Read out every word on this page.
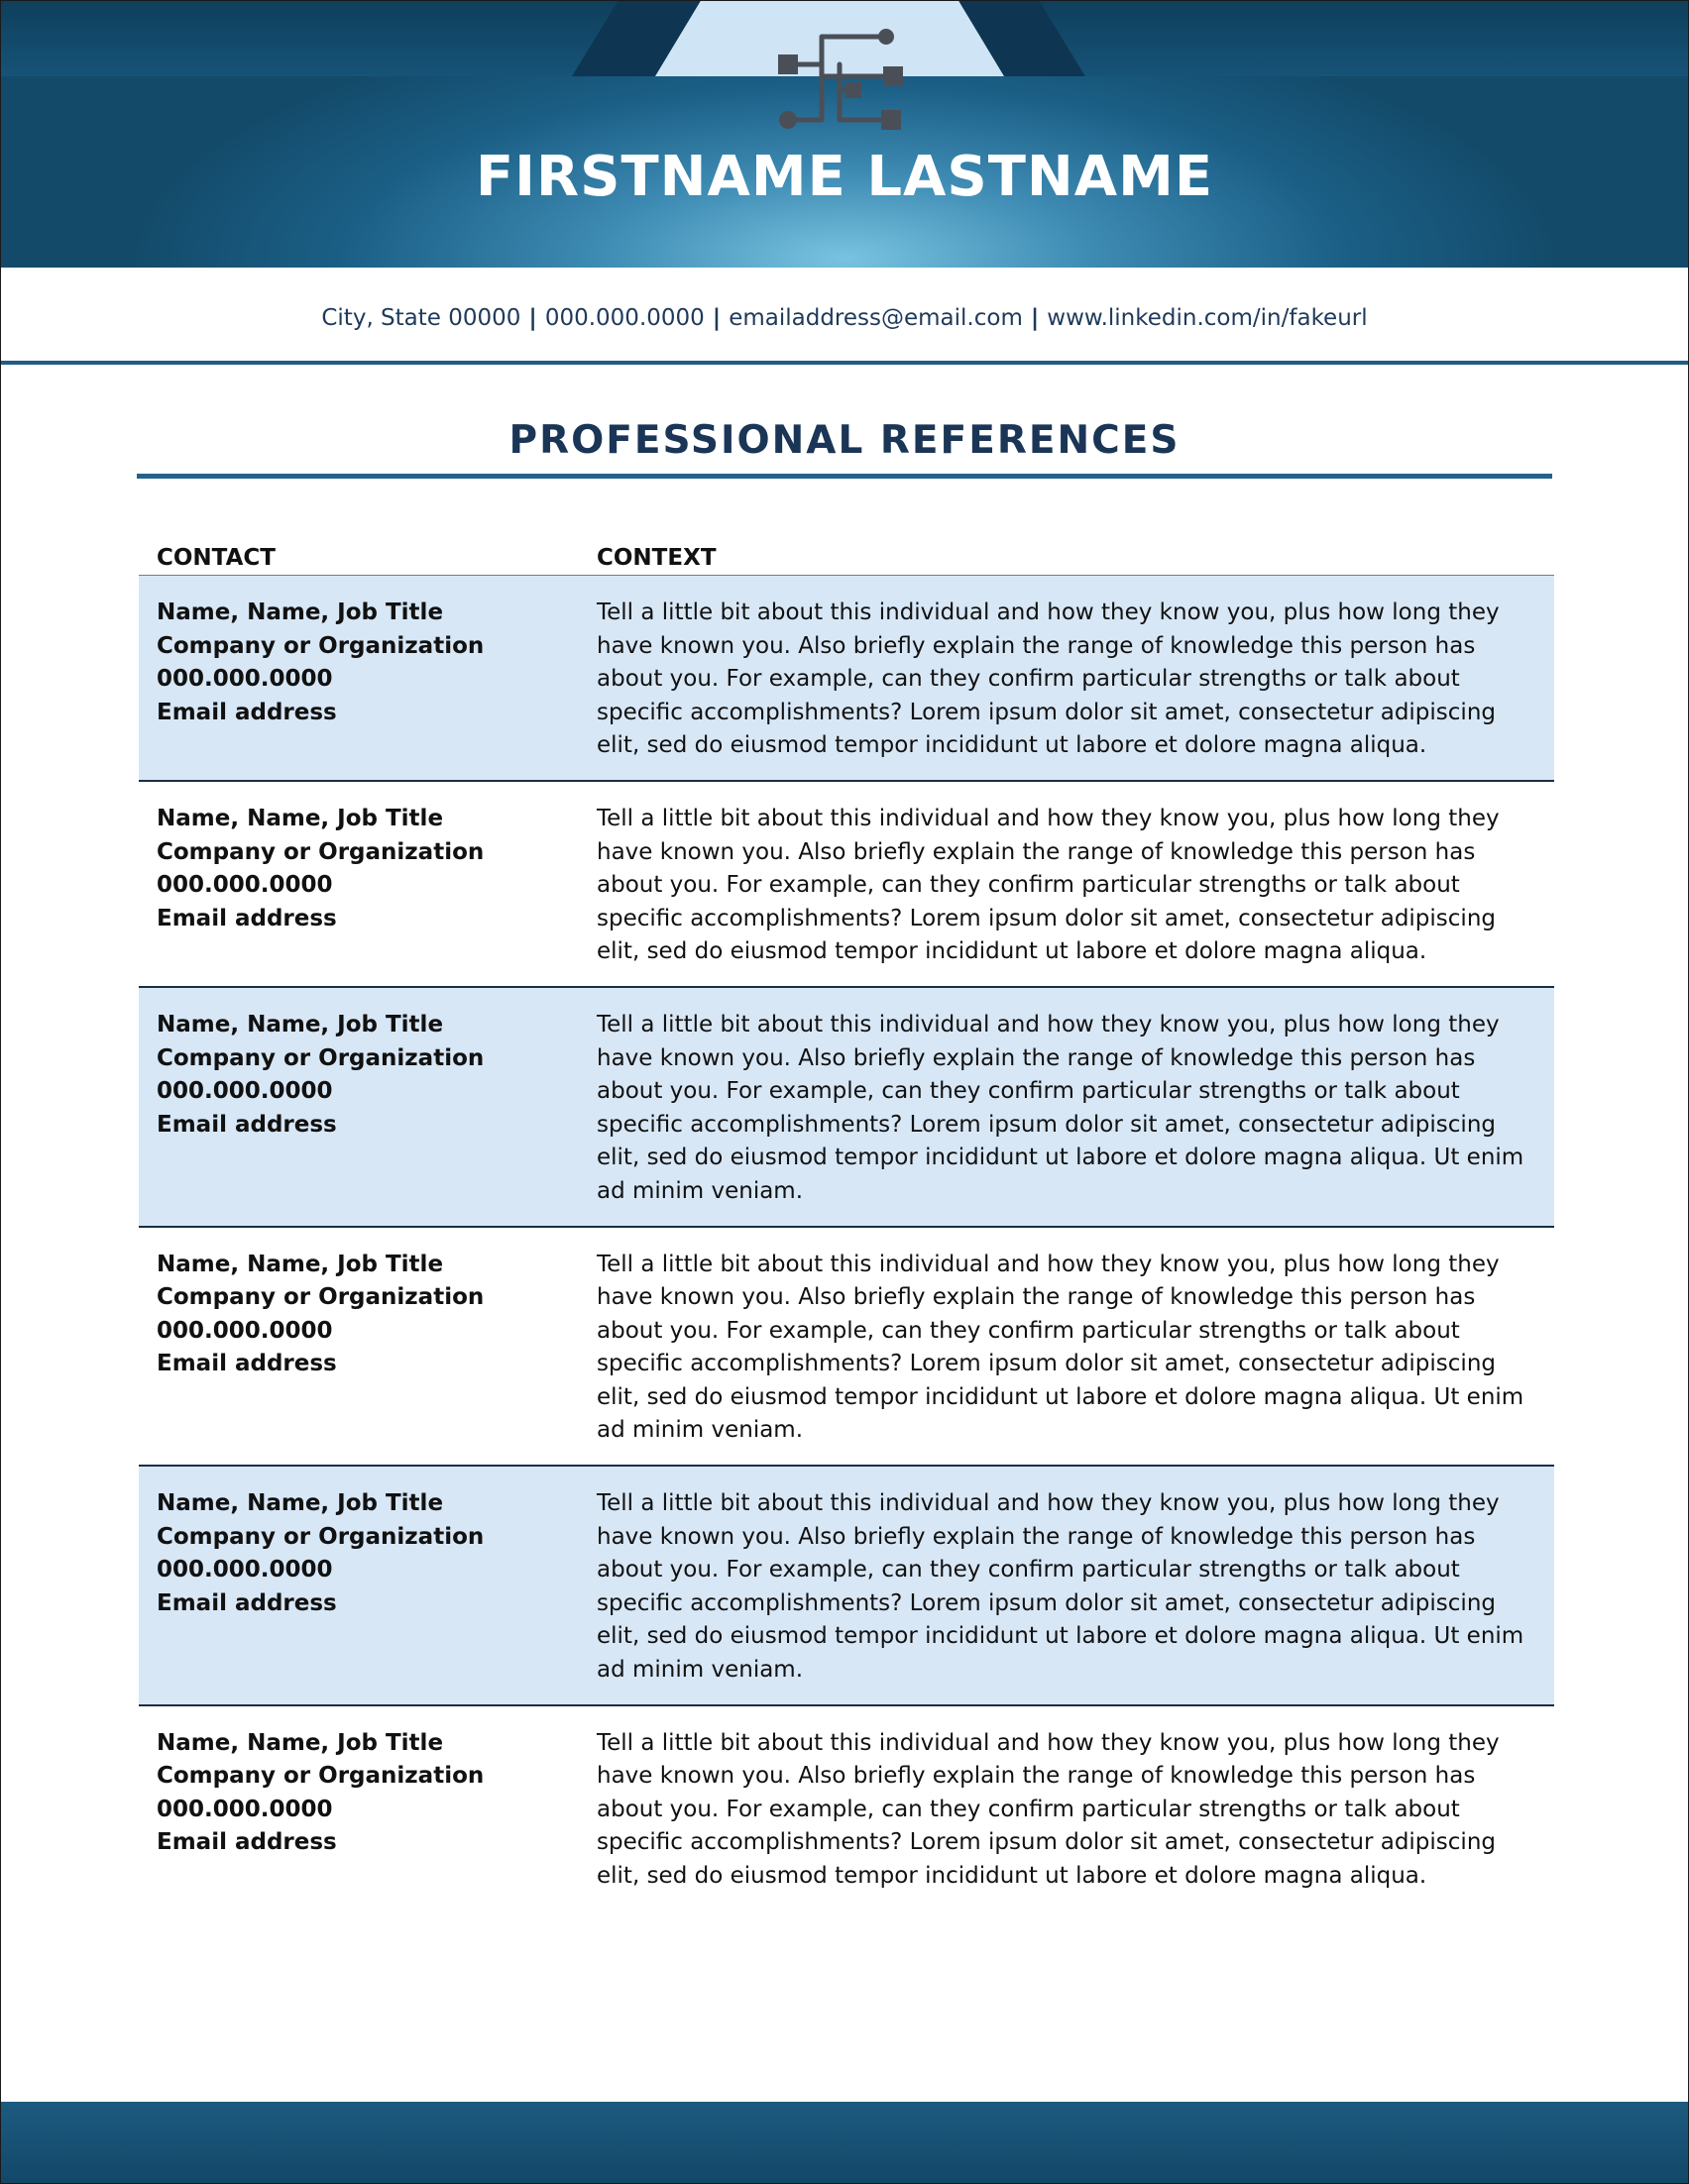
FIRSTNAME LASTNAME
City, State 00000 | 000.000.0000 | emailaddress@email.com | www.linkedin.com/in/fakeurl
PROFESSIONAL REFERENCES
CONTACT	CONTEXT
Name, Name, Job Title
Company or Organization
000.000.0000
Email address
Tell a little bit about this individual and how they know you, plus how long they have known you. Also briefly explain the range of knowledge this person has about you. For example, can they confirm particular strengths or talk about specific accomplishments? Lorem ipsum dolor sit amet, consectetur adipiscing elit, sed do eiusmod tempor incididunt ut labore et dolore magna aliqua.
Name, Name, Job Title
Company or Organization
000.000.0000
Email address
Tell a little bit about this individual and how they know you, plus how long they have known you. Also briefly explain the range of knowledge this person has about you. For example, can they confirm particular strengths or talk about specific accomplishments? Lorem ipsum dolor sit amet, consectetur adipiscing elit, sed do eiusmod tempor incididunt ut labore et dolore magna aliqua.
Name, Name, Job Title
Company or Organization
000.000.0000
Email address
Tell a little bit about this individual and how they know you, plus how long they have known you. Also briefly explain the range of knowledge this person has about you. For example, can they confirm particular strengths or talk about specific accomplishments? Lorem ipsum dolor sit amet, consectetur adipiscing elit, sed do eiusmod tempor incididunt ut labore et dolore magna aliqua. Ut enim ad minim veniam.
Name, Name, Job Title
Company or Organization
000.000.0000
Email address
Tell a little bit about this individual and how they know you, plus how long they have known you. Also briefly explain the range of knowledge this person has about you. For example, can they confirm particular strengths or talk about specific accomplishments? Lorem ipsum dolor sit amet, consectetur adipiscing elit, sed do eiusmod tempor incididunt ut labore et dolore magna aliqua. Ut enim ad minim veniam.
Name, Name, Job Title
Company or Organization
000.000.0000
Email address
Tell a little bit about this individual and how they know you, plus how long they have known you. Also briefly explain the range of knowledge this person has about you. For example, can they confirm particular strengths or talk about specific accomplishments? Lorem ipsum dolor sit amet, consectetur adipiscing elit, sed do eiusmod tempor incididunt ut labore et dolore magna aliqua. Ut enim ad minim veniam.
Name, Name, Job Title
Company or Organization
000.000.0000
Email address
Tell a little bit about this individual and how they know you, plus how long they have known you. Also briefly explain the range of knowledge this person has about you. For example, can they confirm particular strengths or talk about specific accomplishments? Lorem ipsum dolor sit amet, consectetur adipiscing elit, sed do eiusmod tempor incididunt ut labore et dolore magna aliqua.
